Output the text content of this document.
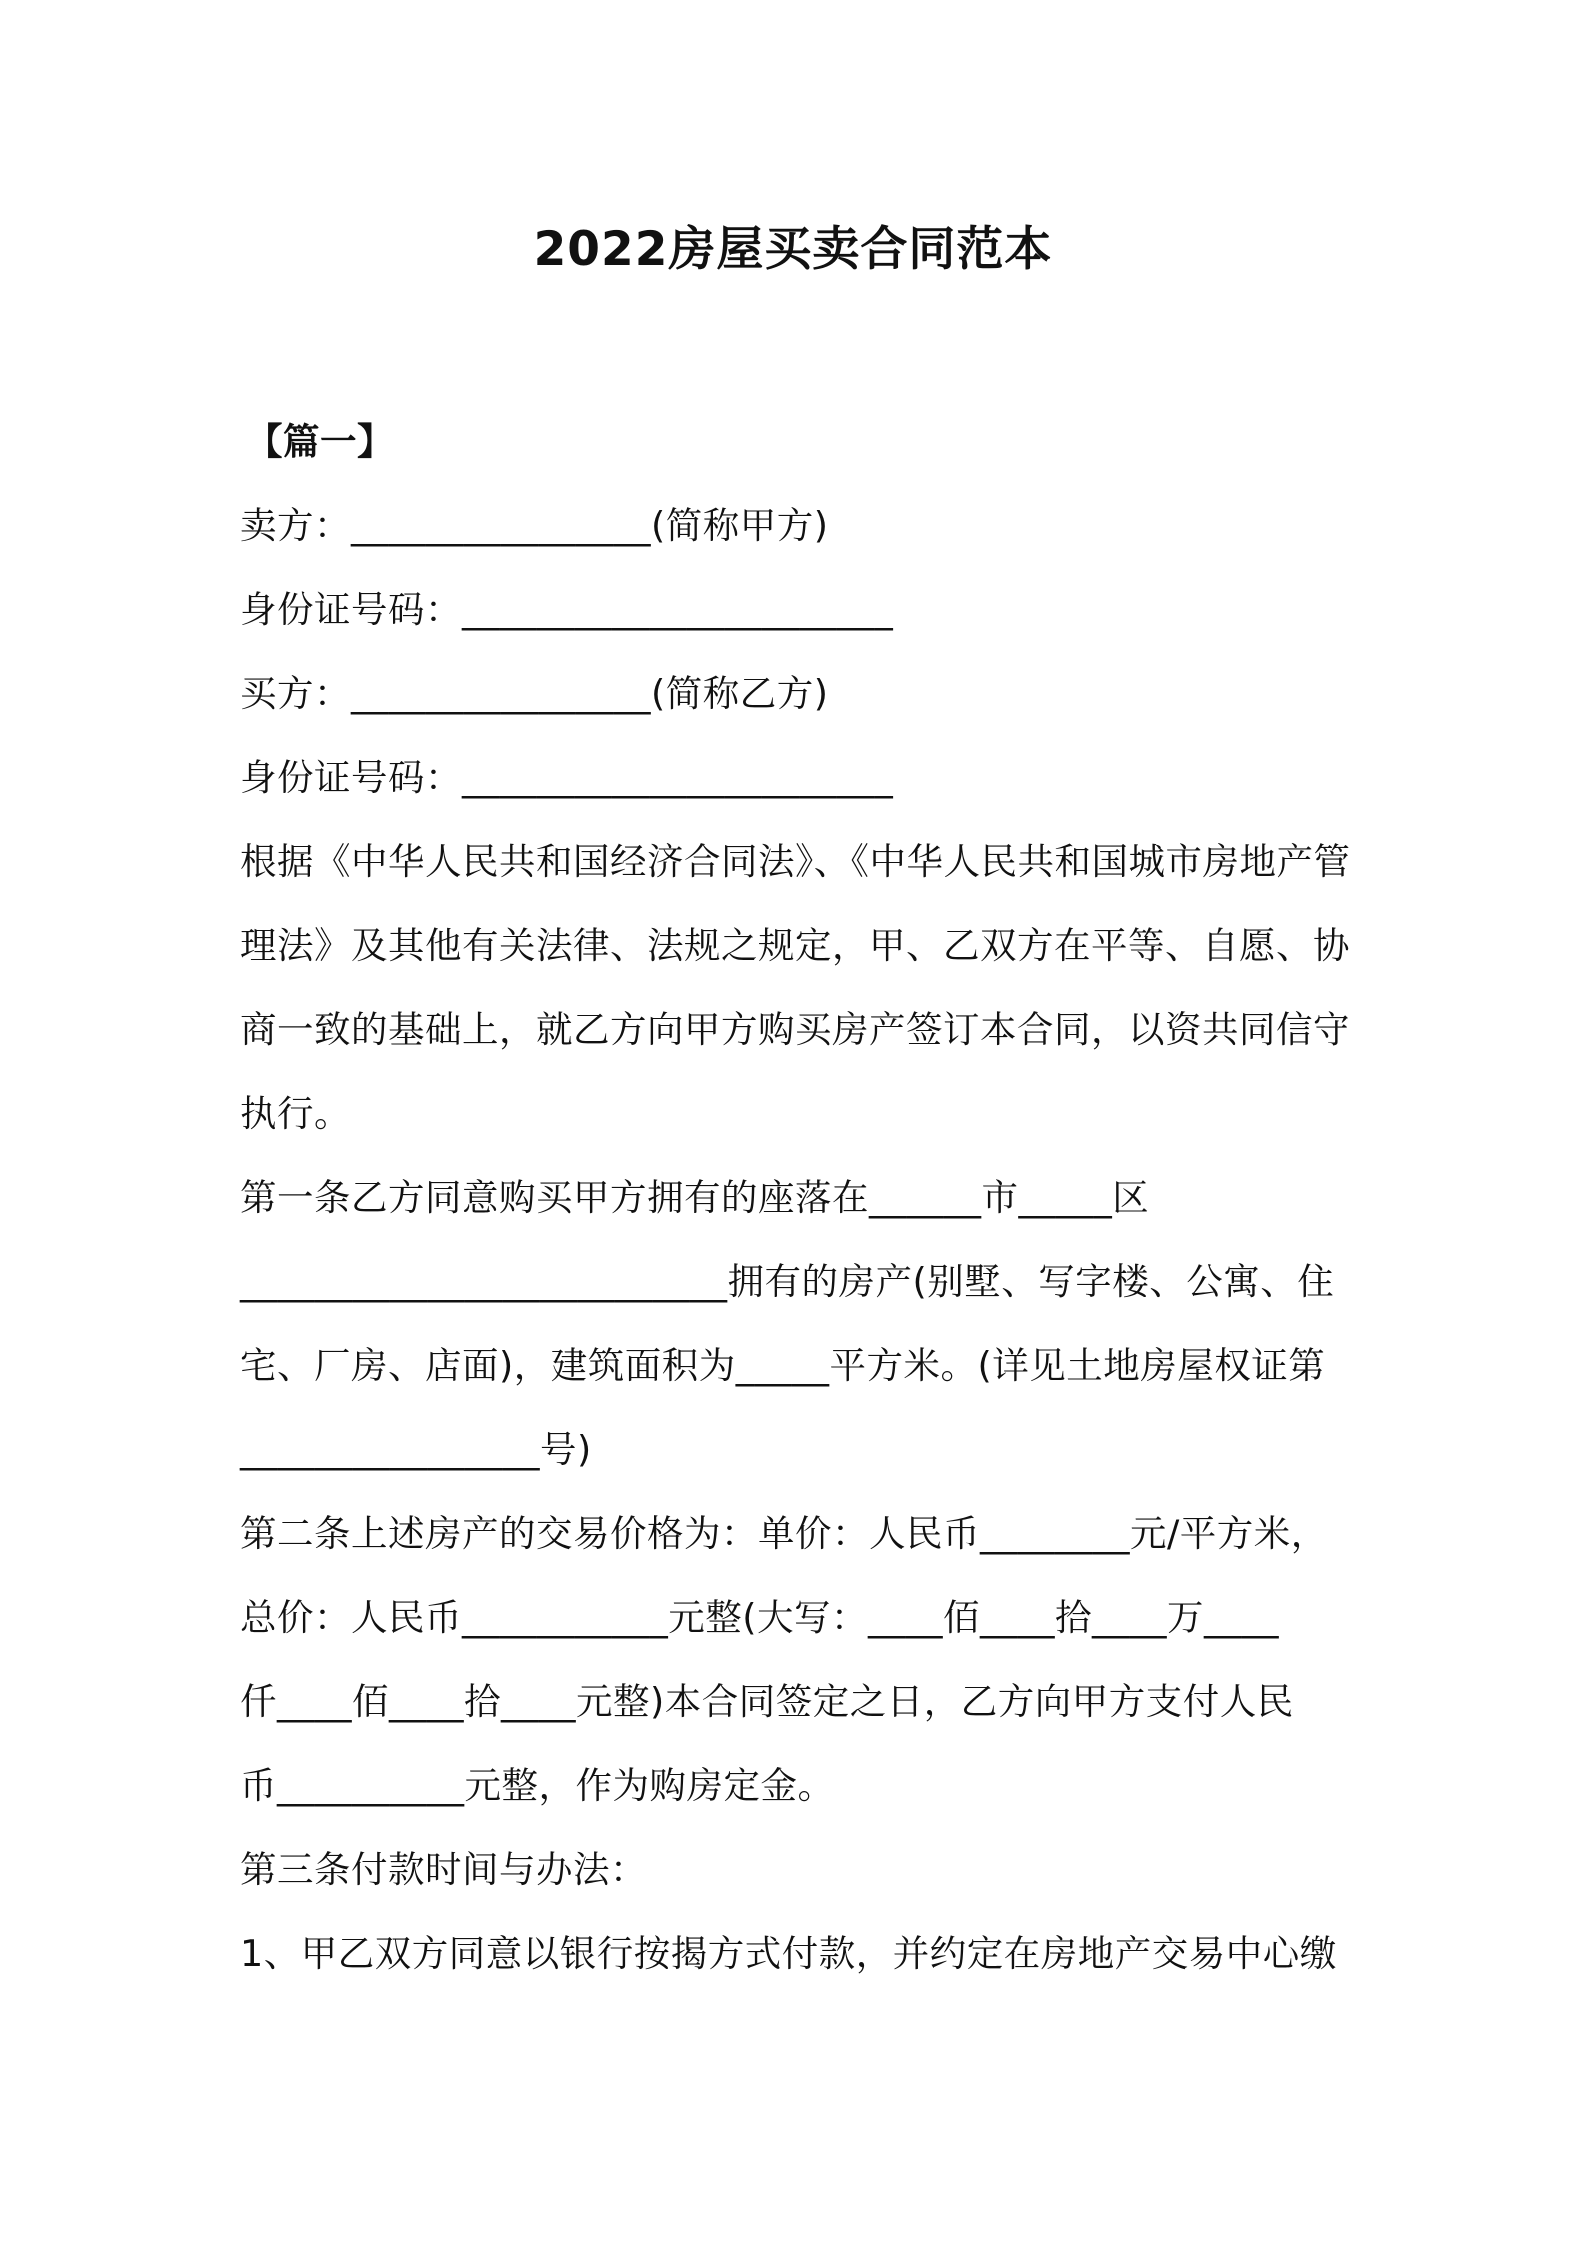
2022房屋买卖合同范本
【篇一】
卖方：________________(简称甲方)
身份证号码：_______________________
买方：________________(简称乙方)
身份证号码：_______________________
根据《中华人民共和国经济合同法》、《中华人民共和国城市房地产管
理法》及其他有关法律、法规之规定，甲、乙双方在平等、自愿、协
商一致的基础上，就乙方向甲方购买房产签订本合同，以资共同信守
执行。
第一条乙方同意购买甲方拥有的座落在______市_____区
__________________________拥有的房产(别墅、写字楼、公寓、住
宅、厂房、店面)，建筑面积为_____平方米。(详见土地房屋权证第
________________号)
第二条上述房产的交易价格为：单价：人民币________元/平方米，
总价：人民币___________元整(大写：____佰____拾____万____
仟____佰____拾____元整)本合同签定之日，乙方向甲方支付人民
币__________元整，作为购房定金。
第三条付款时间与办法：
1、甲乙双方同意以银行按揭方式付款，并约定在房地产交易中心缴
